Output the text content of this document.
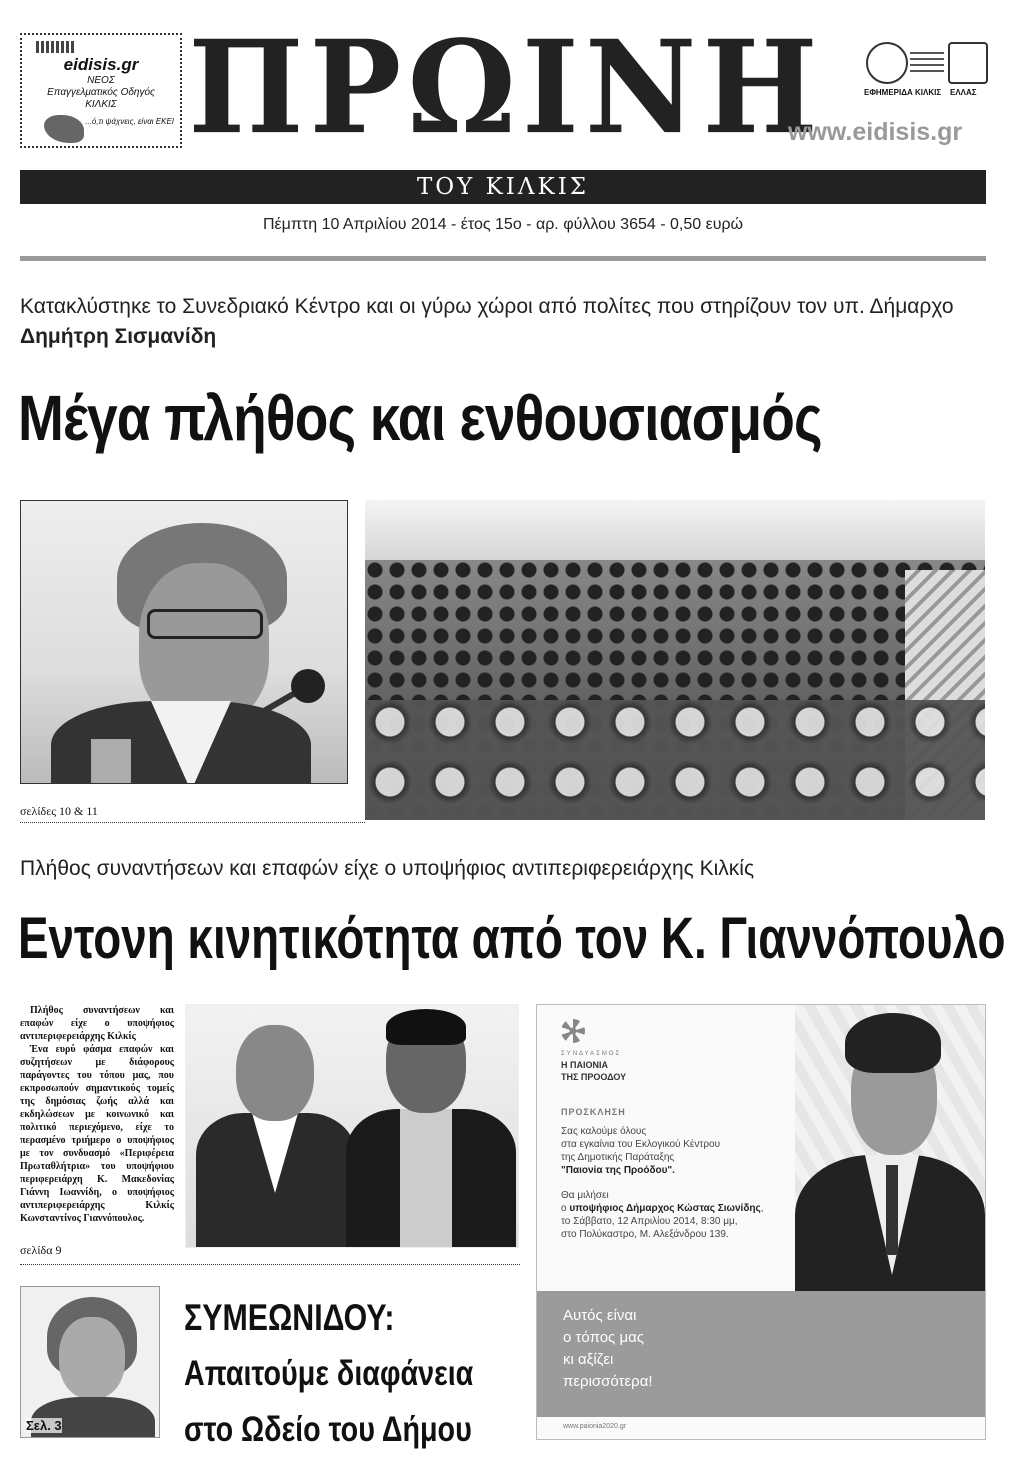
eidisis.gr
ΝΕΟΣ
Επαγγελματικός Οδηγός
ΚΙΛΚΙΣ
...ό,τι ψάχνεις, είναι ΕΚΕΙ ΠΡΩΙΝΗ	ΕΦΗΜΕΡΙΔΑ ΚΙΛΚΙΣ ΕΛΛΑΣ
www.eidisis.gr
ΤΟΥ ΚΙΛΚΙΣ
Πέμπτη 10 Απριλίου 2014 - έτος 15ο - αρ. φύλλου 3654 - 0,50 ευρώ
Κατακλύστηκε το Συνεδριακό Κέντρο και οι γύρω χώροι από πολίτες που στηρίζουν τον υπ. Δήμαρχο Δημήτρη Σισμανίδη
Μέγα πλήθος και ενθουσιασμός
σελίδες 10 & 11
Πλήθος συναντήσεων και επαφών είχε ο υποψήφιος αντιπεριφερειάρχης Κιλκίς
Εντονη κινητικότητα από τον Κ. Γιαννόπουλο

Πλήθος συναντήσεων και επαφών είχε ο υποψήφιος αντιπεριφερειάρχης Κιλκίς

Ένα ευρύ φάσμα επαφών και συζητήσεων με διάφορους παράγοντες του τόπου μας, που εκπροσωπούν σημαντικούς τομείς της δημόσιας ζωής αλλά και εκδηλώσεων με κοινωνικό και πολιτικό περιεχόμενο, είχε το περασμένο τριήμερο ο υποψήφιος με τον συνδυασμό «Περιφέρεια Πρωταθλήτρια» του υποψήφιου περιφερειάρχη Κ. Μακεδονίας Γιάννη Ιωαννίδη, ο υποψήφιος αντιπεριφερειάρχης Κιλκίς Κωνσταντίνος Γιαννόπουλος.

σελίδα 9
Σελ. 3
ΣΥΜΕΩΝΙΔΟΥ:
Απαιτούμε διαφάνεια
στο Ωδείο του Δήμου
ΣΥΝΔΥΑΣΜΟΣ
Η ΠΑΙΟΝΙΑ
ΤΗΣ ΠΡΟΟΔΟΥ
ΠΡΟΣΚΛΗΣΗ
Σας καλούμε όλους
στα εγκαίνια του Εκλογικού Κέντρου
της Δημοτικής Παράταξης
"Παιονία της Προόδου".
Θα μιλήσει
ο υποψήφιος Δήμαρχος Κώστας Σιωνίδης,
το Σάββατο, 12 Απριλίου 2014, 8:30 μμ,
στο Πολύκαστρο, Μ. Αλεξάνδρου 139.
Αυτός είναι
ο τόπος μας
κι αξίζει
περισσότερα!
www.paionia2020.gr
